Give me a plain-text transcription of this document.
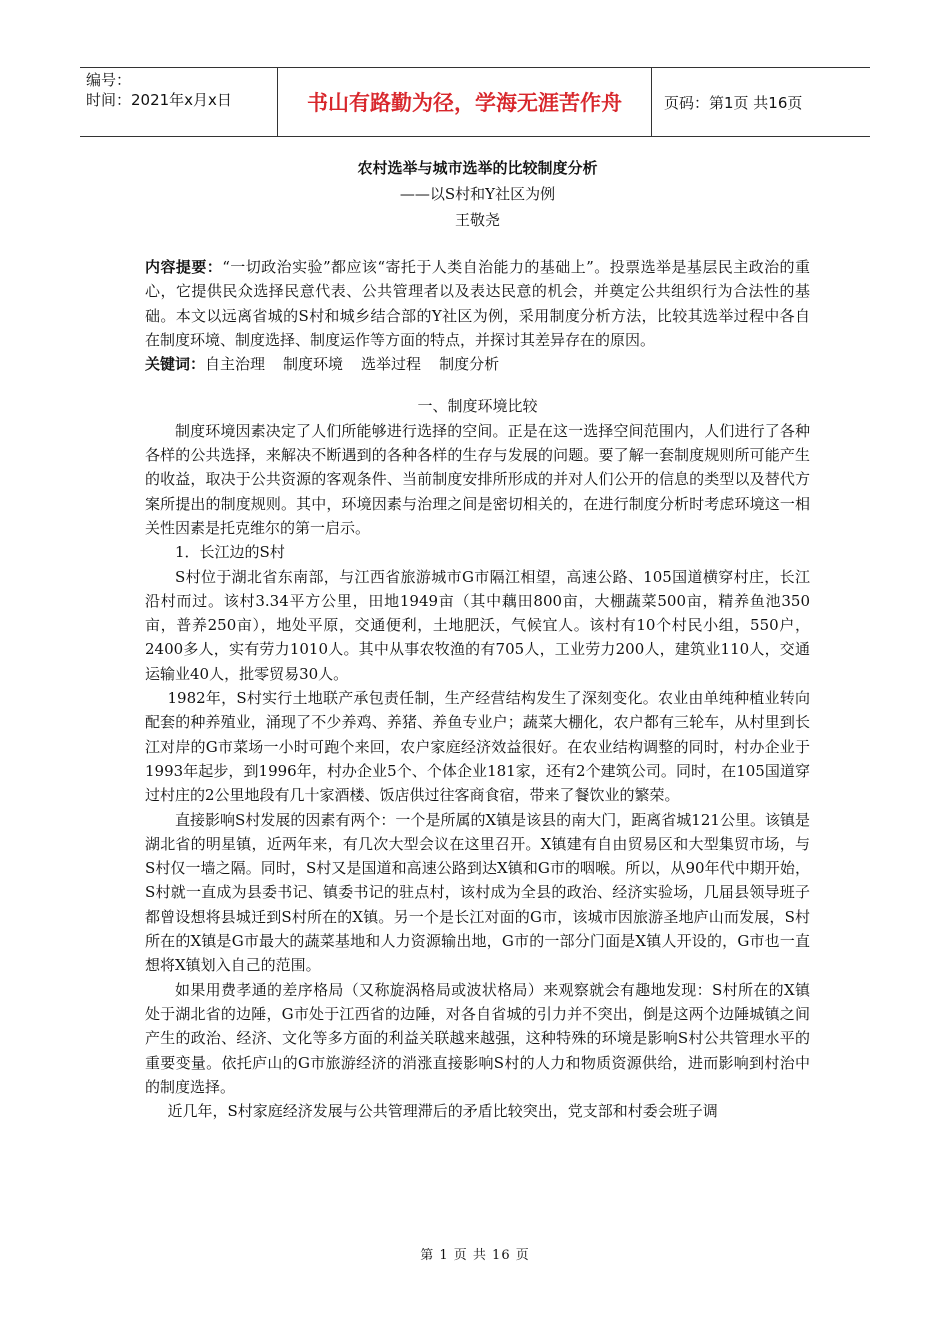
编号：
时间：2021年x月x日	书山有路勤为径，学海无涯苦作舟	页码：第1页 共16页

农村选举与城市选举的比较制度分析

——以S村和Y社区为例

王敬尧

内容提要：“一切政治实验”都应该“寄托于人类自治能力的基础上”。投票选举是基层民主政治的重心，它提供民众选择民意代表、公共管理者以及表达民意的机会，并奠定公共组织行为合法性的基础。本文以远离省城的S村和城乡结合部的Y社区为例，采用制度分析方法，比较其选举过程中各自在制度环境、制度选择、制度运作等方面的特点，并探讨其差异存在的原因。

关键词：自主治理 制度环境 选举过程 制度分析

一、制度环境比较

制度环境因素决定了人们所能够进行选择的空间。正是在这一选择空间范围内，人们进行了各种各样的公共选择，来解决不断遇到的各种各样的生存与发展的问题。要了解一套制度规则所可能产生的收益，取决于公共资源的客观条件、当前制度安排所形成的并对人们公开的信息的类型以及替代方案所提出的制度规则。其中，环境因素与治理之间是密切相关的，在进行制度分析时考虑环境这一相关性因素是托克维尔的第一启示。

1．长江边的S村

S村位于湖北省东南部，与江西省旅游城市G市隔江相望，高速公路、105国道横穿村庄，长江沿村而过。该村3.34平方公里，田地1949亩（其中藕田800亩，大棚蔬菜500亩，精养鱼池350亩，普养250亩），地处平原，交通便利，土地肥沃，气候宜人。该村有10个村民小组，550户，2400多人，实有劳力1010人。其中从事农牧渔的有705人，工业劳力200人，建筑业110人，交通运输业40人，批零贸易30人。

1982年，S村实行土地联产承包责任制，生产经营结构发生了深刻变化。农业由单纯种植业转向配套的种养殖业，涌现了不少养鸡、养猪、养鱼专业户；蔬菜大棚化，农户都有三轮车，从村里到长江对岸的G市菜场一小时可跑个来回，农户家庭经济效益很好。在农业结构调整的同时，村办企业于1993年起步，到1996年，村办企业5个、个体企业181家，还有2个建筑公司。同时，在105国道穿过村庄的2公里地段有几十家酒楼、饭店供过往客商食宿，带来了餐饮业的繁荣。

直接影响S村发展的因素有两个：一个是所属的X镇是该县的南大门，距离省城121公里。该镇是湖北省的明星镇，近两年来，有几次大型会议在这里召开。X镇建有自由贸易区和大型集贸市场，与S村仅一墙之隔。同时，S村又是国道和高速公路到达X镇和G市的咽喉。所以，从90年代中期开始，S村就一直成为县委书记、镇委书记的驻点村，该村成为全县的政治、经济实验场，几届县领导班子都曾设想将县城迁到S村所在的X镇。另一个是长江对面的G市，该城市因旅游圣地庐山而发展，S村所在的X镇是G市最大的蔬菜基地和人力资源输出地，G市的一部分门面是X镇人开设的，G市也一直想将X镇划入自己的范围。

如果用费孝通的差序格局（又称旋涡格局或波状格局）来观察就会有趣地发现：S村所在的X镇处于湖北省的边陲，G市处于江西省的边陲，对各自省城的引力并不突出，倒是这两个边陲城镇之间产生的政治、经济、文化等多方面的利益关联越来越强，这种特殊的环境是影响S村公共管理水平的重要变量。依托庐山的G市旅游经济的消涨直接影响S村的人力和物质资源供给，进而影响到村治中的制度选择。

近几年，S村家庭经济发展与公共管理滞后的矛盾比较突出，党支部和村委会班子调

第 1 页 共 16 页
